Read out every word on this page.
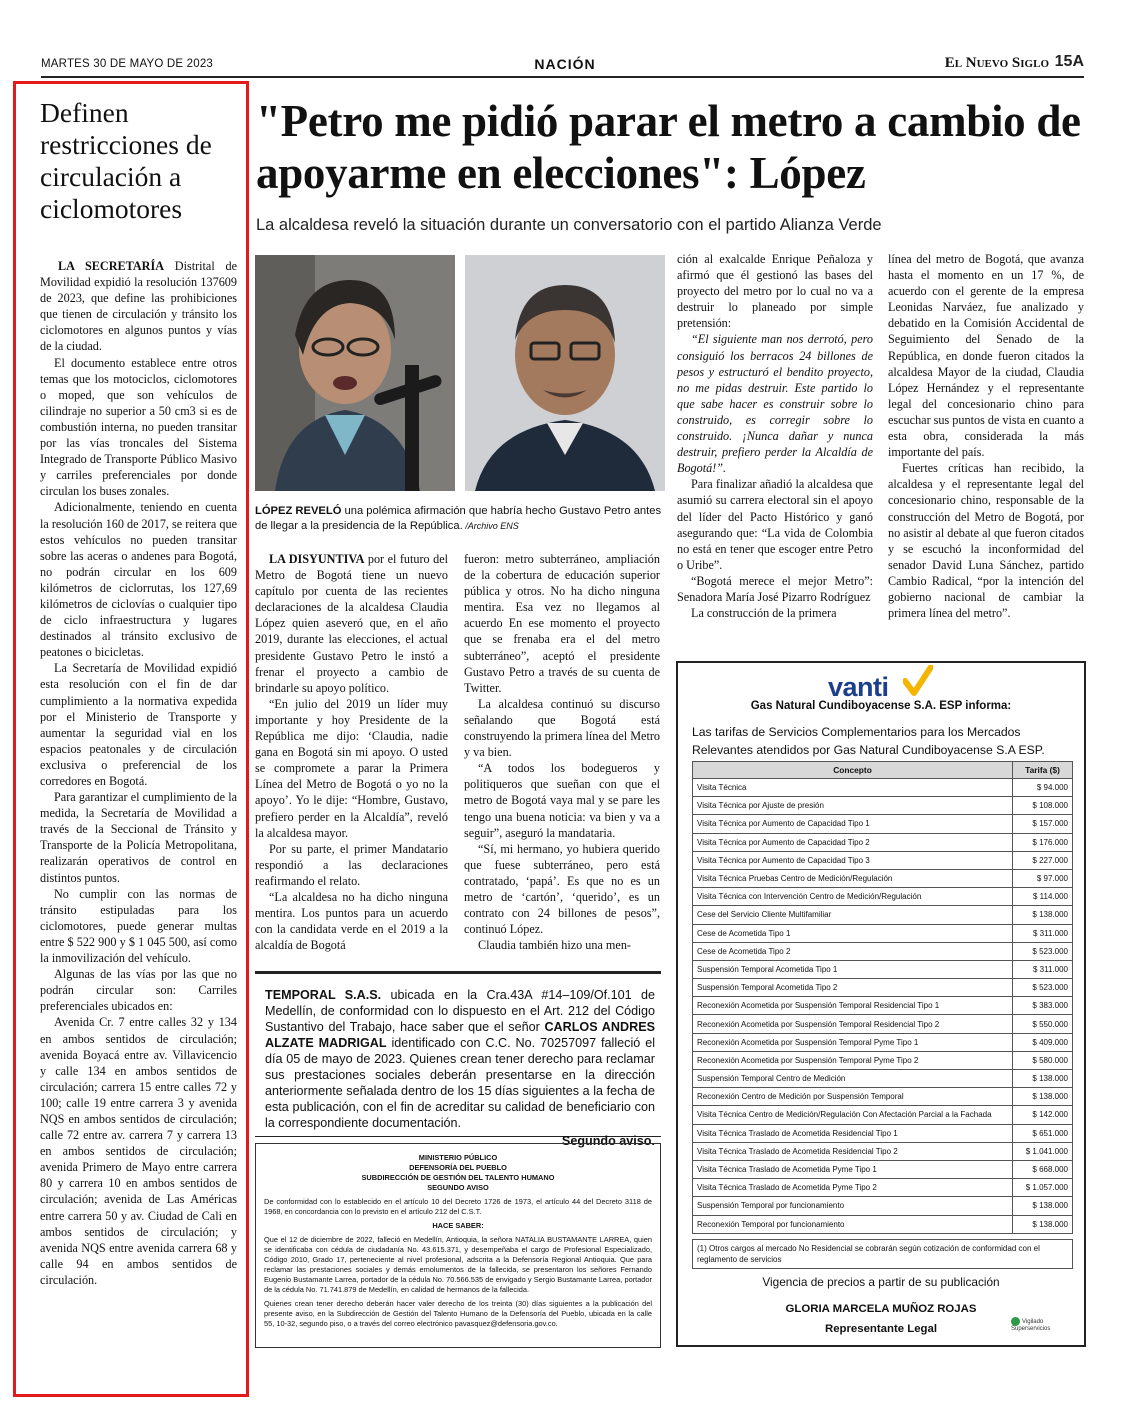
MARTES 30 DE MAYO DE 2023	NACIÓN	El Nuevo Siglo 15A
Definen restricciones de circulación a ciclomotores

LA SECRETARÍA Distrital de Movilidad expidió la resolución 137609 de 2023, que define las prohibiciones que tienen de circulación y tránsito los ciclomotores en algunos puntos y vías de la ciudad.

El documento establece entre otros temas que los motociclos, ciclomotores o moped, que son vehículos de cilindraje no superior a 50 cm3 si es de combustión interna, no pueden transitar por las vías troncales del Sistema Integrado de Transporte Público Masivo y carriles preferenciales por donde circulan los buses zonales.

Adicionalmente, teniendo en cuenta la resolución 160 de 2017, se reitera que estos vehículos no pueden transitar sobre las aceras o andenes para Bogotá, no podrán circular en los 609 kilómetros de ciclorrutas, los 127,69 kilómetros de ciclovías o cualquier tipo de ciclo infraestructura y lugares destinados al tránsito exclusivo de peatones o bicicletas.

La Secretaría de Movilidad expidió esta resolución con el fin de dar cumplimiento a la normativa expedida por el Ministerio de Transporte y aumentar la seguridad vial en los espacios peatonales y de circulación exclusiva o preferencial de los corredores en Bogotá.

Para garantizar el cumplimiento de la medida, la Secretaría de Movilidad a través de la Seccional de Tránsito y Transporte de la Policía Metropolitana, realizarán operativos de control en distintos puntos.

No cumplir con las normas de tránsito estipuladas para los ciclomotores, puede generar multas entre $ 522 900 y $ 1 045 500, así como la inmovilización del vehículo.

Algunas de las vías por las que no podrán circular son: Carriles preferenciales ubicados en:

Avenida Cr. 7 entre calles 32 y 134 en ambos sentidos de circulación; avenida Boyacá entre av. Villavicencio y calle 134 en ambos sentidos de circulación; carrera 15 entre calles 72 y 100; calle 19 entre carrera 3 y avenida NQS en ambos sentidos de circulación; calle 72 entre av. carrera 7 y carrera 13 en ambos sentidos de circulación; avenida Primero de Mayo entre carrera 80 y carrera 10 en ambos sentidos de circulación; avenida de Las Américas entre carrera 50 y av. Ciudad de Cali en ambos sentidos de circulación; y avenida NQS entre avenida carrera 68 y calle 94 en ambos sentidos de circulación.

"Petro me pidió parar el metro a cambio de apoyarme en elecciones": López
La alcaldesa reveló la situación durante un conversatorio con el partido Alianza Verde
LÓPEZ REVELÓ una polémica afirmación que habría hecho Gustavo Petro antes de llegar a la presidencia de la República. /Archivo ENS

LA DISYUNTIVA por el futuro del Metro de Bogotá tiene un nuevo capítulo por cuenta de las recientes declaraciones de la alcaldesa Claudia López quien aseveró que, en el año 2019, durante las elecciones, el actual presidente Gustavo Petro le instó a frenar el proyecto a cambio de brindarle su apoyo político.

“En julio del 2019 un líder muy importante y hoy Presidente de la República me dijo: ‘Claudia, nadie gana en Bogotá sin mi apoyo. O usted se compromete a parar la Primera Línea del Metro de Bogotá o yo no la apoyo’. Yo le dije: “Hombre, Gustavo, prefiero perder en la Alcaldía”, reveló la alcaldesa mayor.

Por su parte, el primer Mandatario respondió a las declaraciones reafirmando el relato.

“La alcaldesa no ha dicho ninguna mentira. Los puntos para un acuerdo con la candidata verde en el 2019 a la alcaldía de Bogotá

fueron: metro subterráneo, ampliación de la cobertura de educación superior pública y otros. No ha dicho ninguna mentira. Esa vez no llegamos al acuerdo En ese momento el proyecto que se frenaba era el del metro subterráneo”, aceptó el presidente Gustavo Petro a través de su cuenta de Twitter.

La alcaldesa continuó su discurso señalando que Bogotá está construyendo la primera línea del Metro y va bien.

“A todos los bodegueros y politiqueros que sueñan con que el metro de Bogotá vaya mal y se pare les tengo una buena noticia: va bien y va a seguir”, aseguró la mandataria.

“Sí, mi hermano, yo hubiera querido que fuese subterráneo, pero está contratado, ‘papá’. Es que no es un metro de ‘cartón’, ‘querido’, es un contrato con 24 billones de pesos”, continuó López.

Claudia también hizo una men-

ción al exalcalde Enrique Peñaloza y afirmó que él gestionó las bases del proyecto del metro por lo cual no va a destruir lo planeado por simple pretensión:

“El siguiente man nos derrotó, pero consiguió los berracos 24 billones de pesos y estructuró el bendito proyecto, no me pidas destruir. Este partido lo que sabe hacer es construir sobre lo construido, es corregir sobre lo construido. ¡Nunca dañar y nunca destruir, prefiero perder la Alcaldía de Bogotá!”.

Para finalizar añadió la alcaldesa que asumió su carrera electoral sin el apoyo del líder del Pacto Histórico y ganó asegurando que: “La vida de Colombia no está en tener que escoger entre Petro o Uribe”.

“Bogotá merece el mejor Metro”: Senadora María José Pizarro Rodríguez

La construcción de la primera

línea del metro de Bogotá, que avanza hasta el momento en un 17 %, de acuerdo con el gerente de la empresa Leonidas Narváez, fue analizado y debatido en la Comisión Accidental de Seguimiento del Senado de la República, en donde fueron citados la alcaldesa Mayor de la ciudad, Claudia López Hernández y el representante legal del concesionario chino para escuchar sus puntos de vista en cuanto a esta obra, considerada la más importante del país.

Fuertes críticas han recibido, la alcaldesa y el representante legal del concesionario chino, responsable de la construcción del Metro de Bogotá, por no asistir al debate al que fueron citados y se escuchó la inconformidad del senador David Luna Sánchez, partido Cambio Radical, “por la intención del gobierno nacional de cambiar la primera línea del metro”.

TEMPORAL S.A.S. ubicada en la Cra.43A #14–109/Of.101 de Medellín, de conformidad con lo dispuesto en el Art. 212 del Código Sustantivo del Trabajo, hace saber que el señor CARLOS ANDRES ALZATE MADRIGAL identificado con C.C. No. 70257097 falleció el día 05 de mayo de 2023. Quienes crean tener derecho para reclamar sus prestaciones sociales deberán presentarse en la dirección anteriormente señalada dentro de los 15 días siguientes a la fecha de esta publicación, con el fin de acreditar su calidad de beneficiario con la correspondiente documentación.
Segundo aviso.
MINISTERIO PÚBLICO
DEFENSORÍA DEL PUEBLO
SUBDIRECCIÓN DE GESTIÓN DEL TALENTO HUMANO
SEGUNDO AVISO

De conformidad con lo establecido en el artículo 10 del Decreto 1726 de 1973, el artículo 44 del Decreto 3118 de 1968, en concordancia con lo previsto en el artículo 212 del C.S.T.

HACE SABER:

Que el 12 de diciembre de 2022, falleció en Medellín, Antioquia, la señora NATALIA BUSTAMANTE LARREA, quien se identificaba con cédula de ciudadanía No. 43.615.371, y desempeñaba el cargo de Profesional Especializado, Código 2010, Grado 17, perteneciente al nivel profesional, adscrita a la Defensoría Regional Antioquia. Que para reclamar las prestaciones sociales y demás emolumentos de la fallecida, se presentaron los señores Fernando Eugenio Bustamante Larrea, portador de la cédula No. 70.566.535 de envigado y Sergio Bustamante Larrea, portador de la cédula No. 71.741.879 de Medellín, en calidad de hermanos de la fallecida.

Quienes crean tener derecho deberán hacer valer derecho de los treinta (30) días siguientes a la publicación del presente aviso, en la Subdirección de Gestión del Talento Humano de la Defensoría del Pueblo, ubicada en la calle 55, 10-32, segundo piso, o a través del correo electrónico pavasquez@defensoria.gov.co.

vanti
Gas Natural Cundiboyacense S.A. ESP informa:
Las tarifas de Servicios Complementarios para los Mercados Relevantes atendidos por Gas Natural Cundiboyacense S.A ESP.
Concepto	Tarifa ($)
Visita Técnica	$ 94.000
Visita Técnica por Ajuste de presión	$ 108.000
Visita Técnica por Aumento de Capacidad Tipo 1	$ 157.000
Visita Técnica por Aumento de Capacidad Tipo 2	$ 176.000
Visita Técnica por Aumento de Capacidad Tipo 3	$ 227.000
Visita Técnica Pruebas Centro de Medición/Regulación	$ 97.000
Visita Técnica con Intervención Centro de Medición/Regulación	$ 114.000
Cese del Servicio Cliente Multifamiliar	$ 138.000
Cese de Acometida Tipo 1	$ 311.000
Cese de Acometida Tipo 2	$ 523.000
Suspensión Temporal Acometida Tipo 1	$ 311.000
Suspensión Temporal Acometida Tipo 2	$ 523.000
Reconexión Acometida por Suspensión Temporal Residencial Tipo 1	$ 383.000
Reconexión Acometida por Suspensión Temporal Residencial Tipo 2	$ 550.000
Reconexión Acometida por Suspensión Temporal Pyme Tipo 1	$ 409.000
Reconexión Acometida por Suspensión Temporal Pyme Tipo 2	$ 580.000
Suspensión Temporal Centro de Medición	$ 138.000
Reconexión Centro de Medición por Suspensión Temporal	$ 138.000
Visita Técnica Centro de Medición/Regulación Con Afectación Parcial a la Fachada	$ 142.000
Visita Técnica Traslado de Acometida Residencial Tipo 1	$ 651.000
Visita Técnica Traslado de Acometida Residencial Tipo 2	$ 1.041.000
Visita Técnica Traslado de Acometida Pyme Tipo 1	$ 668.000
Visita Técnica Traslado de Acometida Pyme Tipo 2	$ 1.057.000
Suspensión Temporal por funcionamiento	$ 138.000
Reconexión Temporal por funcionamiento	$ 138.000
(1) Otros cargos al mercado No Residencial se cobrarán según cotización de conformidad con el reglamento de servicios
Vigencia de precios a partir de su publicación
GLORIA MARCELA MUÑOZ ROJAS
Representante Legal
Vigilado
Superservicios
